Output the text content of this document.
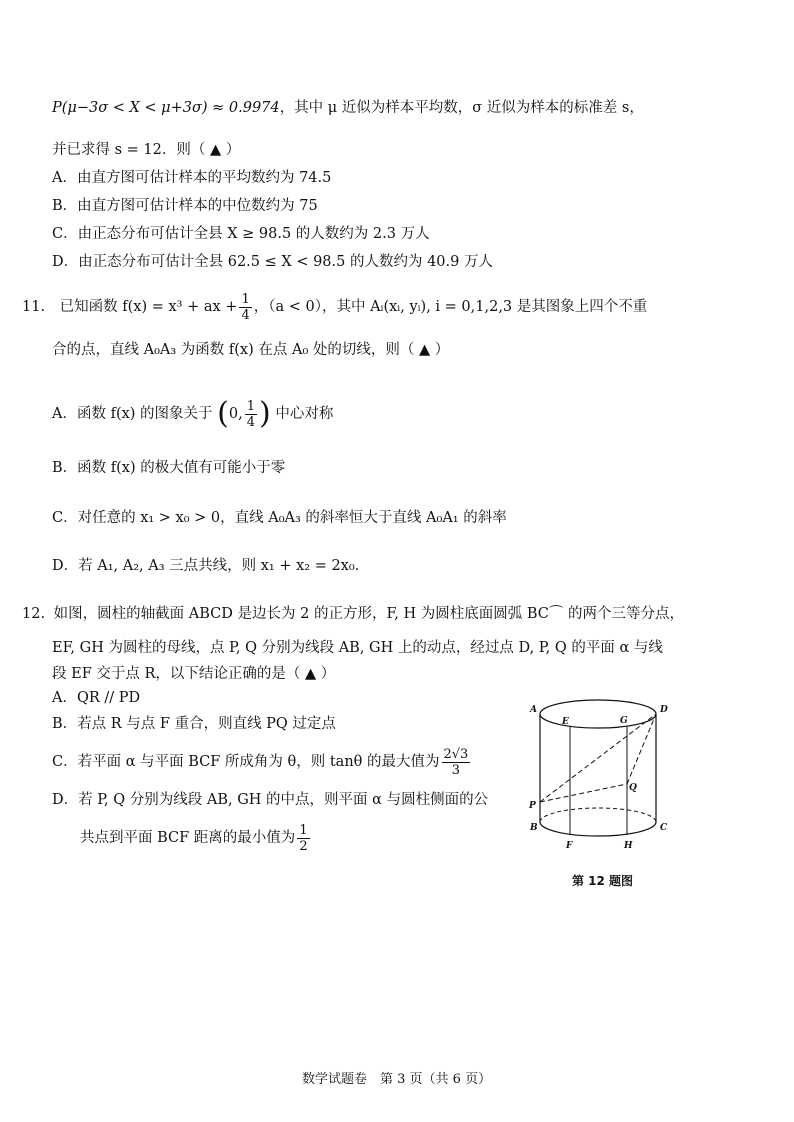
P(μ−3σ < X < μ+3σ) ≈ 0.9974，其中 μ 近似为样本平均数，σ 近似为样本的标准差 s，
并已求得 s = 12．则（ ▲ ）
A．由直方图可估计样本的平均数约为 74.5
B．由直方图可估计样本的中位数约为 75
C．由正态分布可估计全县 X ≥ 98.5 的人数约为 2.3 万人
D．由正态分布可估计全县 62.5 ≤ X < 98.5 的人数约为 40.9 万人
11. 已知函数 f(x) = x³ + ax + $\frac{1}{4}$ ，（a < 0），其中 Aᵢ(xᵢ, yᵢ), i = 0,1,2,3 是其图象上四个不重
合的点，直线 A₀A₃ 为函数 f(x) 在点 A₀ 处的切线，则（ ▲ ）
A．函数 f(x) 的图象关于 (0, $\frac{1}{4}$ ) 中心对称
B．函数 f(x) 的极大值有可能小于零
C．对任意的 x₁ > x₀ > 0，直线 A₀A₃ 的斜率恒大于直线 A₀A₁ 的斜率
D．若 A₁, A₂, A₃ 三点共线，则 x₁ + x₂ = 2x₀．
12. 如图，圆柱的轴截面 ABCD 是边长为 2 的正方形，F, H 为圆柱底面圆弧 BC⌒ 的两个三等分点，
EF, GH 为圆柱的母线，点 P, Q 分别为线段 AB, GH 上的动点，经过点 D, P, Q 的平面 α 与线
段 EF 交于点 R，以下结论正确的是（ ▲ ）
A．QR // PD
B．若点 R 与点 F 重合，则直线 PQ 过定点
C．若平面 α 与平面 BCF 所成角为 θ，则 tanθ 的最大值为 $\frac{2√3}{3}$
D．若 P, Q 分别为线段 AB, GH 的中点，则平面 α 与圆柱侧面的公
共点到平面 BCF 距离的最小值为 $\frac{1}{2}$
A
E	G
D
Q
P
B	C
F	H
第 12 题图
数学试题卷　第 3 页（共 6 页）
